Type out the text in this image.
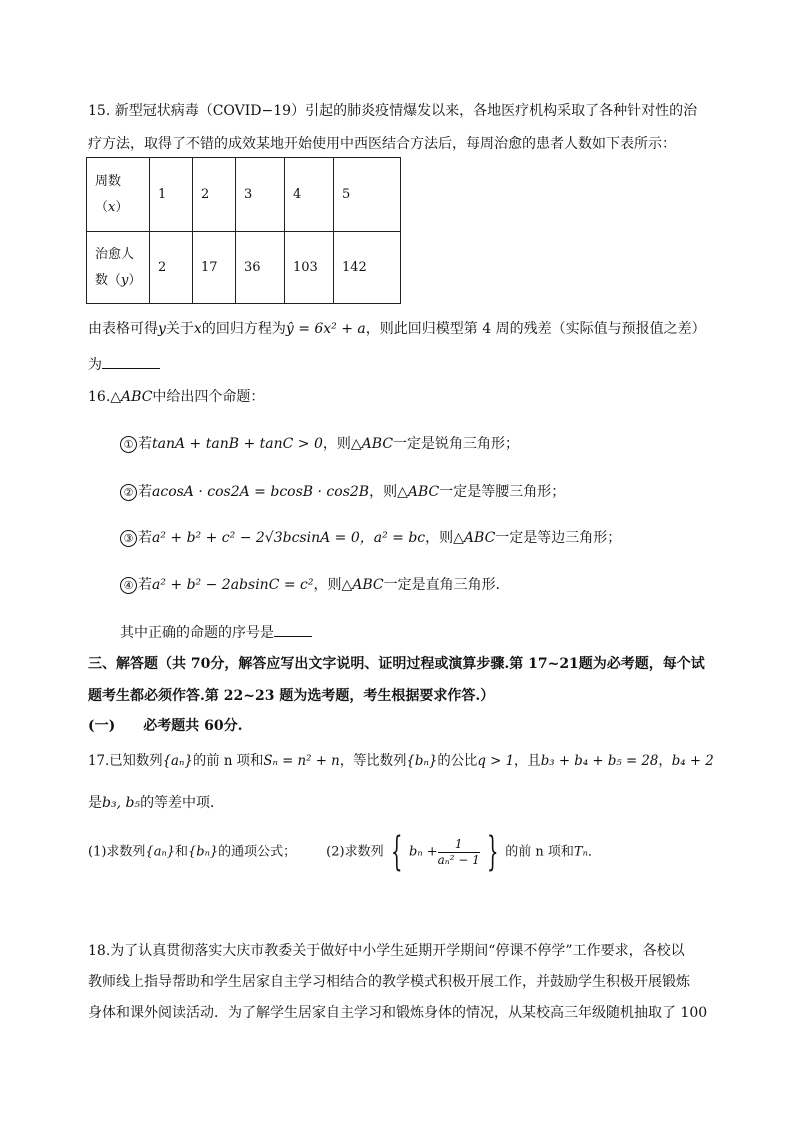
15. 新型冠状病毒（COVID−19）引起的肺炎疫情爆发以来，各地医疗机构采取了各种针对性的治
疗方法，取得了不错的成效某地开始使用中西医结合方法后，每周治愈的患者人数如下表所示：
周数
（x）	1	2	3	4	5
治愈人
数（y）	2	17	36	103	142
由表格可得y关于x的回归方程为ŷ = 6x² + a，则此回归模型第 4 周的残差（实际值与预报值之差）
为
16.△ABC中给出四个命题：
① 若tanA + tanB + tanC > 0，则△ABC一定是锐角三角形；
② 若acosA · cos2A = bcosB · cos2B，则△ABC一定是等腰三角形；
③ 若a² + b² + c² − 2√3bcsinA = 0，a² = bc，则△ABC一定是等边三角形；
④ 若a² + b² − 2absinC = c²，则△ABC一定是直角三角形．
其中正确的命题的序号是
三、解答题（共 70分，解答应写出文字说明、证明过程或演算步骤.第 17~21题为必考题，每个试
题考生都必须作答.第 22~23 题为选考题，考生根据要求作答.）
(一)　　必考题共 60分.
17.已知数列{aₙ}的前 n 项和Sₙ = n² + n，等比数列{bₙ}的公比q > 1，且b₃ + b₄ + b₅ = 28，b₄ + 2
是b₃, b₅的等差中项．
(1)求数列{aₙ}和{bₙ}的通项公式； (2)求数列 { $b_n + \frac{1}{\text{aₙ² − 1}}$ } 的前 n 项和Tₙ．
18.为了认真贯彻落实大庆市教委关于做好中小学生延期开学期间“停课不停学”工作要求，各校以
教师线上指导帮助和学生居家自主学习相结合的教学模式积极开展工作，并鼓励学生积极开展锻炼
身体和课外阅读活动．为了解学生居家自主学习和锻炼身体的情况，从某校高三年级随机抽取了 100
